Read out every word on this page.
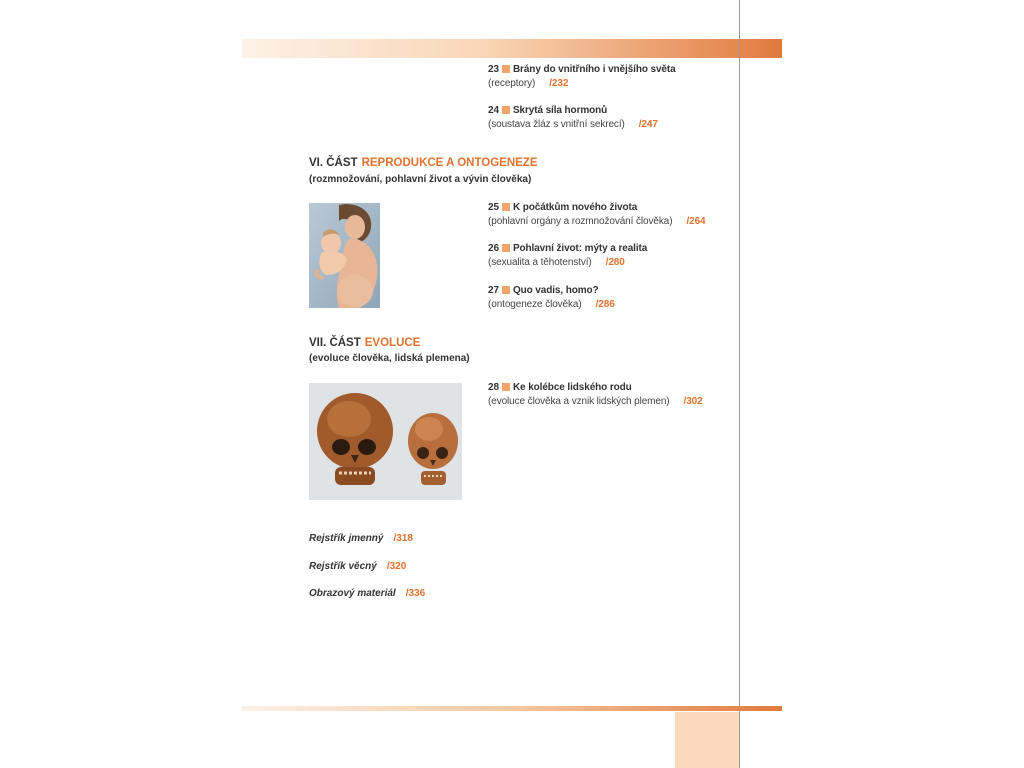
23 Brány do vnitřního i vnějšího světa
(receptory) /232
24 Skrytá síla hormonů
(soustava žláz s vnitřní sekrecí) /247
VI. ČÁST REPRODUKCE A ONTOGENEZE
(rozmnožování, pohlavní život a vývin člověka)
25 K počátkům nového života
(pohlavní orgány a rozmnožování člověka) /264
26 Pohlavní život: mýty a realita
(sexualita a těhotenství) /280
27 Quo vadis, homo?
(ontogeneze člověka) /286
VII. ČÁST EVOLUCE
(evoluce člověka, lidská plemena)
28 Ke kolébce lidského rodu
(evoluce člověka a vznik lidských plemen) /302
Rejstřík jmenný /318
Rejstřík věcný /320
Obrazový materiál /336
